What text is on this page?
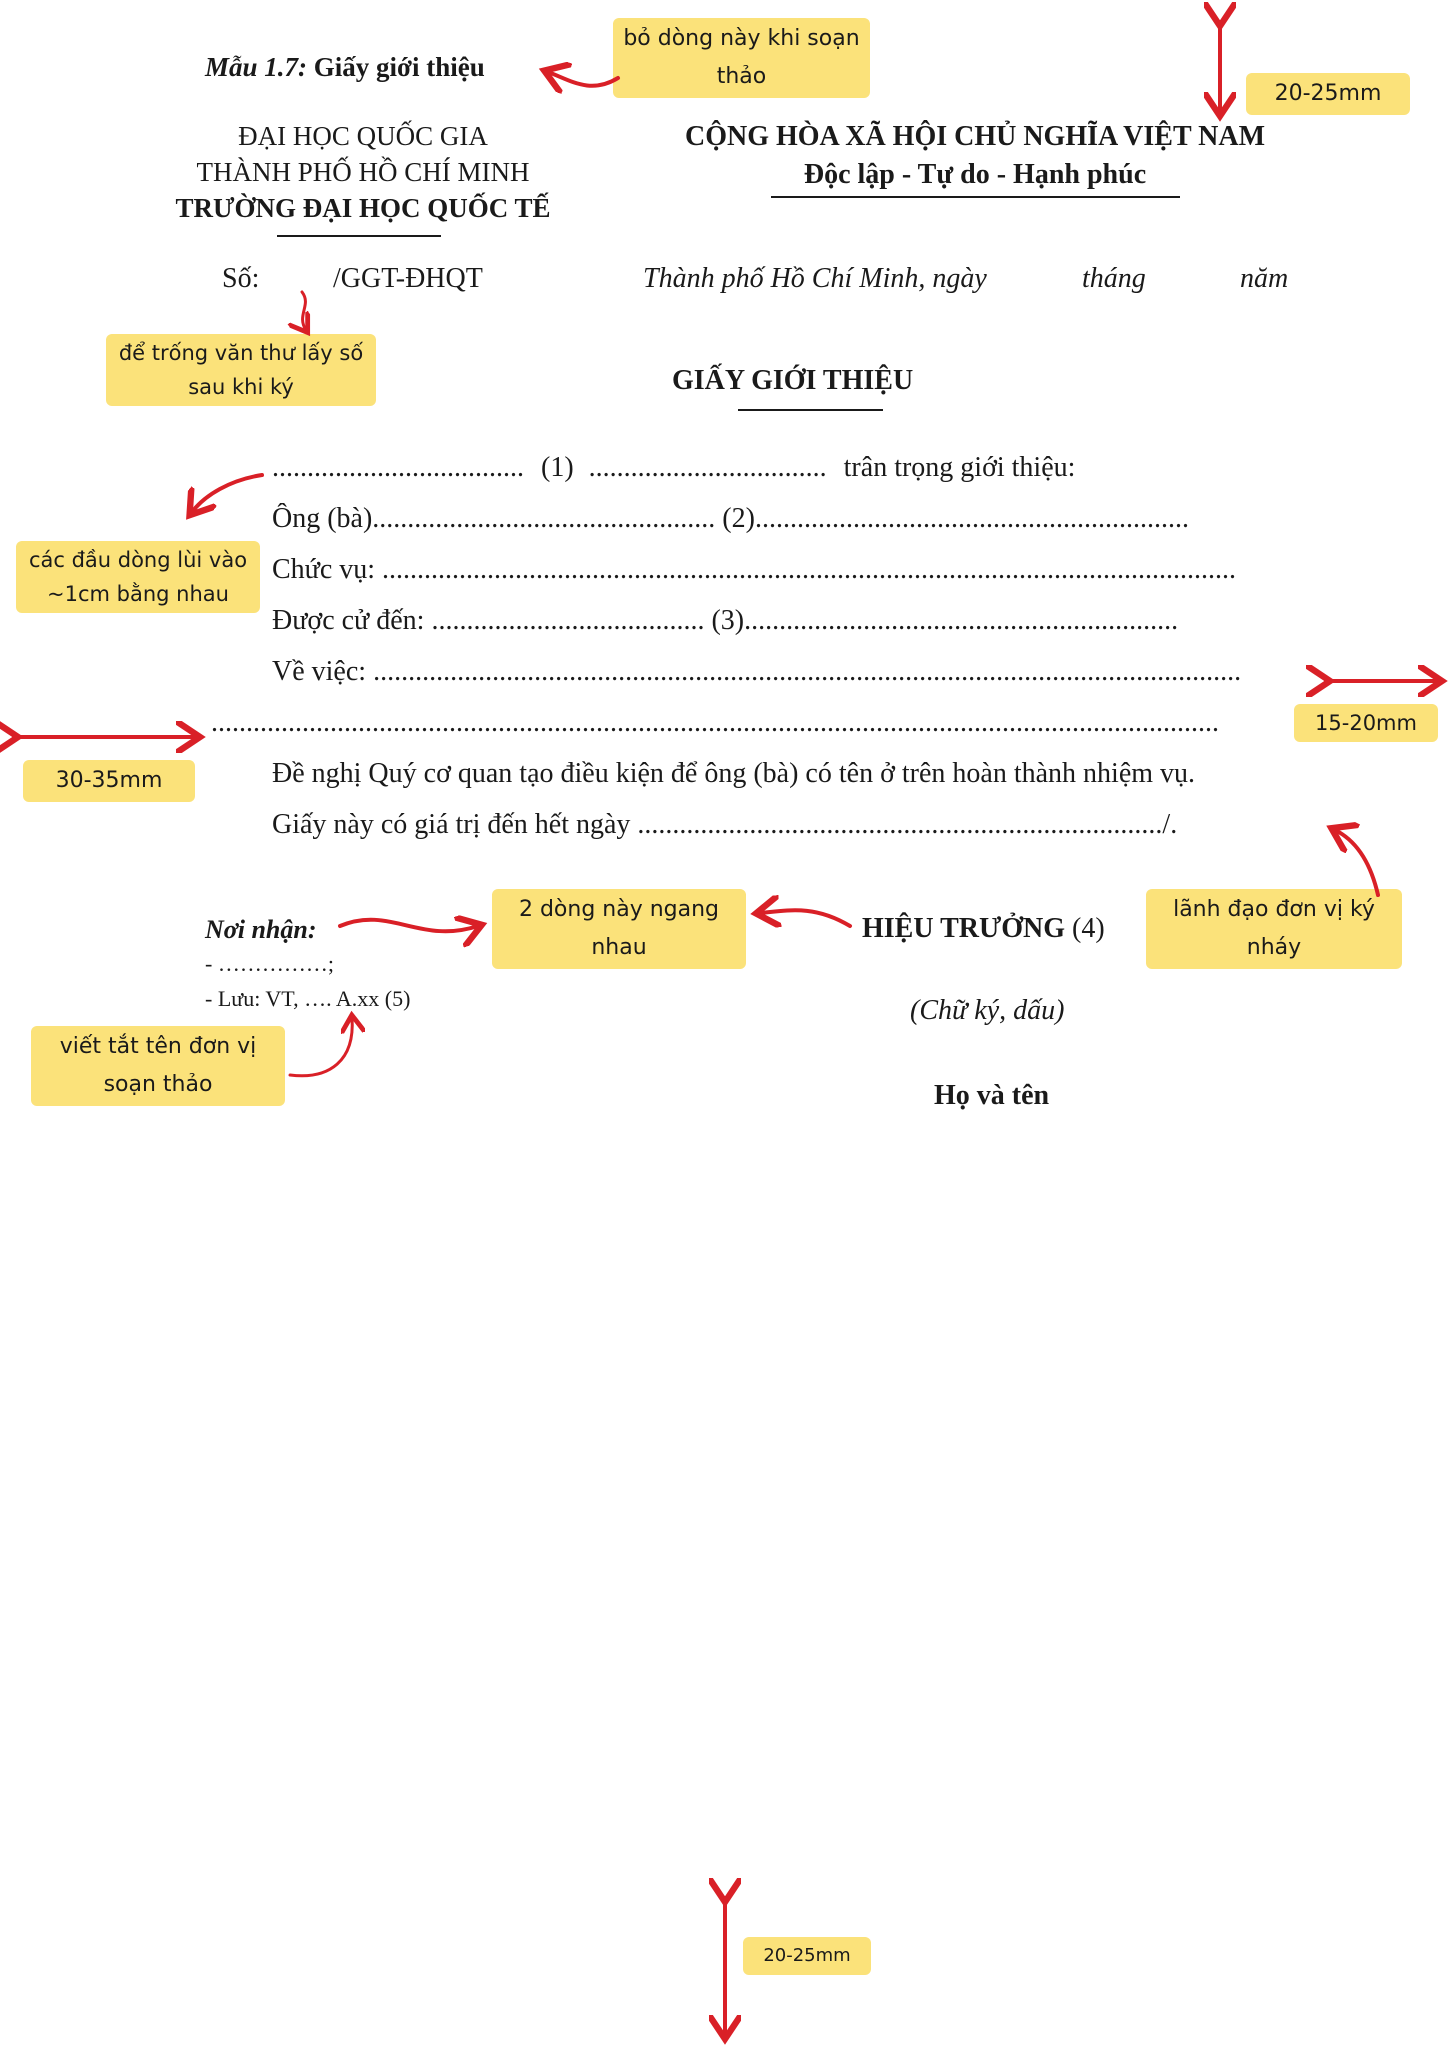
Mẫu 1.7: Giấy giới thiệu
ĐẠI HỌC QUỐC GIA
THÀNH PHỐ HỒ CHÍ MINH
TRƯỜNG ĐẠI HỌC QUỐC TẾ
CỘNG HÒA XÃ HỘI CHỦ NGHĨA VIỆT NAM
Độc lập - Tự do - Hạnh phúc
Số:	/GGT-ĐHQT	Thành phố Hồ Chí Minh, ngày	tháng	năm
GIẤY GIỚI THIỆU
.................................... (1) .................................. trân trọng giới thiệu:
Ông (bà)................................................. (2)..............................................................
Chức vụ: ..........................................................................................................................
Được cử đến: ....................................... (3)..............................................................
Về việc: ............................................................................................................................
................................................................................................................................................
Đề nghị Quý cơ quan tạo điều kiện để ông (bà) có tên ở trên hoàn thành nhiệm vụ.
Giấy này có giá trị đến hết ngày .........................................................................../.
Nơi nhận:
- ……………;
- Lưu: VT, …. A.xx (5)
HIỆU TRƯỞNG (4)
(Chữ ký, dấu)
Họ và tên
bỏ dòng này khi soạn thảo
20-25mm
để trống văn thư lấy số sau khi ký
các đầu dòng lùi vào ~1cm bằng nhau
15-20mm
30-35mm
2 dòng này ngang nhau
lãnh đạo đơn vị ký nháy
viết tắt tên đơn vị soạn thảo
20-25mm
